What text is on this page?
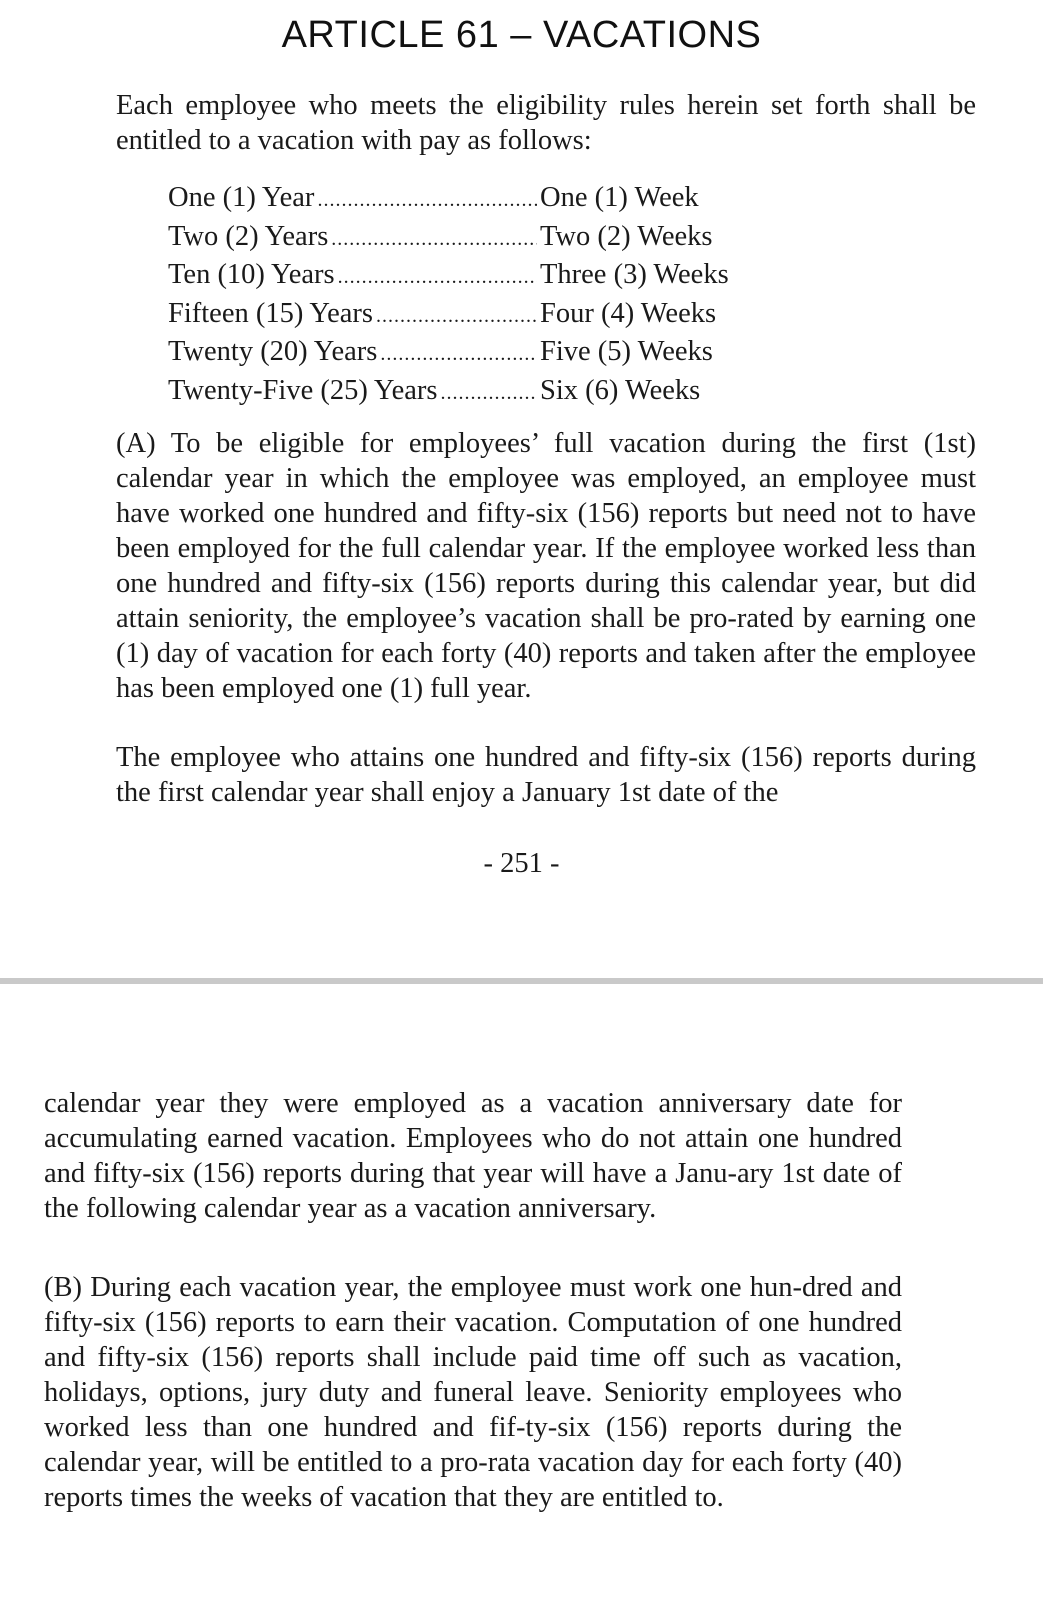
ARTICLE 61 – VACATIONS

Each employee who meets the eligibility rules herein set forth shall be entitled to a vacation with pay as follows:

One (1) Year .....	One (1) Week
Two (2) Years .....	Two (2) Weeks
Ten (10) Years .....	Three (3) Weeks
Fifteen (15) Years .....	Four (4) Weeks
Twenty (20) Years .....	Five (5) Weeks
Twenty-Five (25) Years .....	Six (6) Weeks

(A) To be eligible for employees’ full vacation during the first (1st) calendar year in which the employee was employed, an employee must have worked one hundred and fifty-six (156) reports but need not to have been employed for the full calendar year. If the employee worked less than one hundred and fifty-six (156) reports during this calendar year, but did attain seniority, the employee’s vacation shall be pro-rated by earning one (1) day of vacation for each forty (40) reports and taken after the employee has been employed one (1) full year.

The employee who attains one hundred and fifty-six (156) reports during the first calendar year shall enjoy a January 1st date of the

- 251 -

calendar year they were employed as a vacation anniversary date for accumulating earned vacation. Employees who do not attain one hundred and fifty-six (156) reports during that year will have a Janu-ary 1st date of the following calendar year as a vacation anniversary.

(B) During each vacation year, the employee must work one hun-dred and fifty-six (156) reports to earn their vacation. Computation of one hundred and fifty-six (156) reports shall include paid time off such as vacation, holidays, options, jury duty and funeral leave. Seniority employees who worked less than one hundred and fif-ty-six (156) reports during the calendar year, will be entitled to a pro-rata vacation day for each forty (40) reports times the weeks of vacation that they are entitled to.
